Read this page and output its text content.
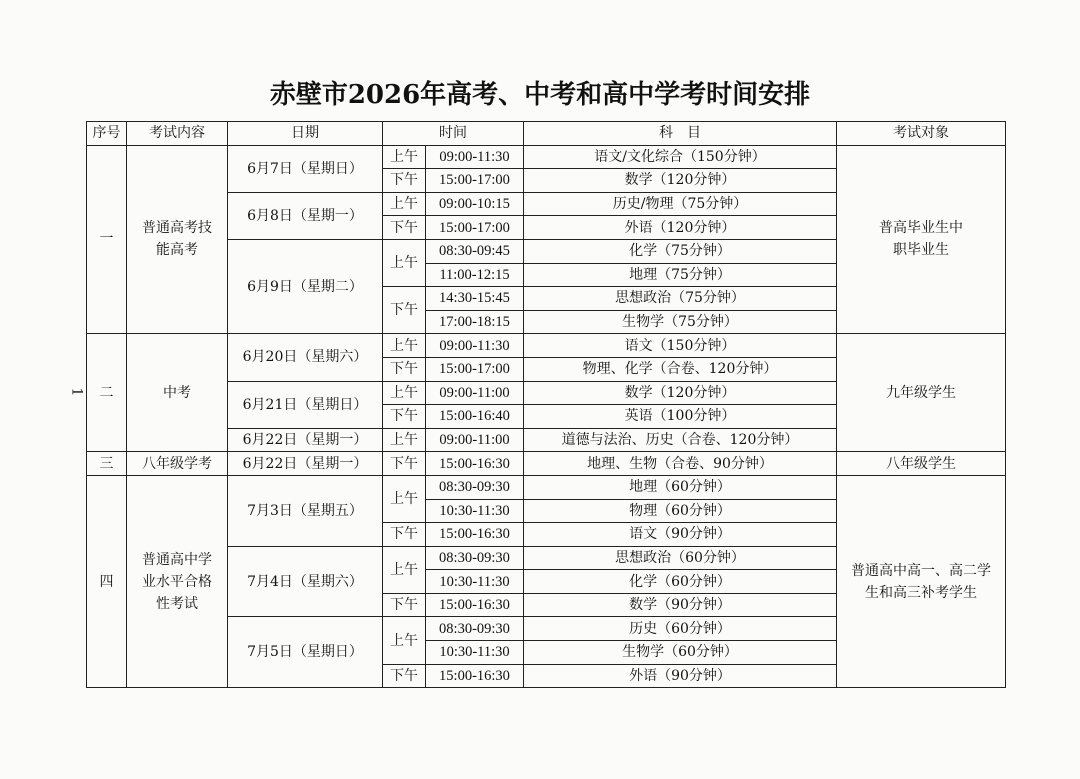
赤壁市2026年高考、中考和高中学考时间安排
1
序号	考试内容	日期	时间		科　目	考试对象
一	普通高考技能高考	6月7日（星期日）	上午	09:00-11:30	语文/文化综合（150分钟）	普高毕业生中职毕业生
			下午	15:00-17:00	数学（120分钟）	
		6月8日（星期一）	上午	09:00-10:15	历史/物理（75分钟）	
			下午	15:00-17:00	外语（120分钟）	
		6月9日（星期二）	上午	08:30-09:45	化学（75分钟）	
				11:00-12:15	地理（75分钟）	
			下午	14:30-15:45	思想政治（75分钟）	
				17:00-18:15	生物学（75分钟）	
二	中考	6月20日（星期六）	上午	09:00-11:30	语文（150分钟）	九年级学生
			下午	15:00-17:00	物理、化学（合卷、120分钟）	
		6月21日（星期日）	上午	09:00-11:00	数学（120分钟）	
			下午	15:00-16:40	英语（100分钟）	
		6月22日（星期一）	上午	09:00-11:00	道德与法治、历史（合卷、120分钟）	
三	八年级学考	6月22日（星期一）	下午	15:00-16:30	地理、生物（合卷、90分钟）	八年级学生
四	普通高中学业水平合格性考试	7月3日（星期五）	上午	08:30-09:30	地理（60分钟）	普通高中高一、高二学生和高三补考学生
				10:30-11:30	物理（60分钟）	
			下午	15:00-16:30	语文（90分钟）	
		7月4日（星期六）	上午	08:30-09:30	思想政治（60分钟）	
				10:30-11:30	化学（60分钟）	
			下午	15:00-16:30	数学（90分钟）	
		7月5日（星期日）	上午	08:30-09:30	历史（60分钟）	
				10:30-11:30	生物学（60分钟）	
			下午	15:00-16:30	外语（90分钟）	
